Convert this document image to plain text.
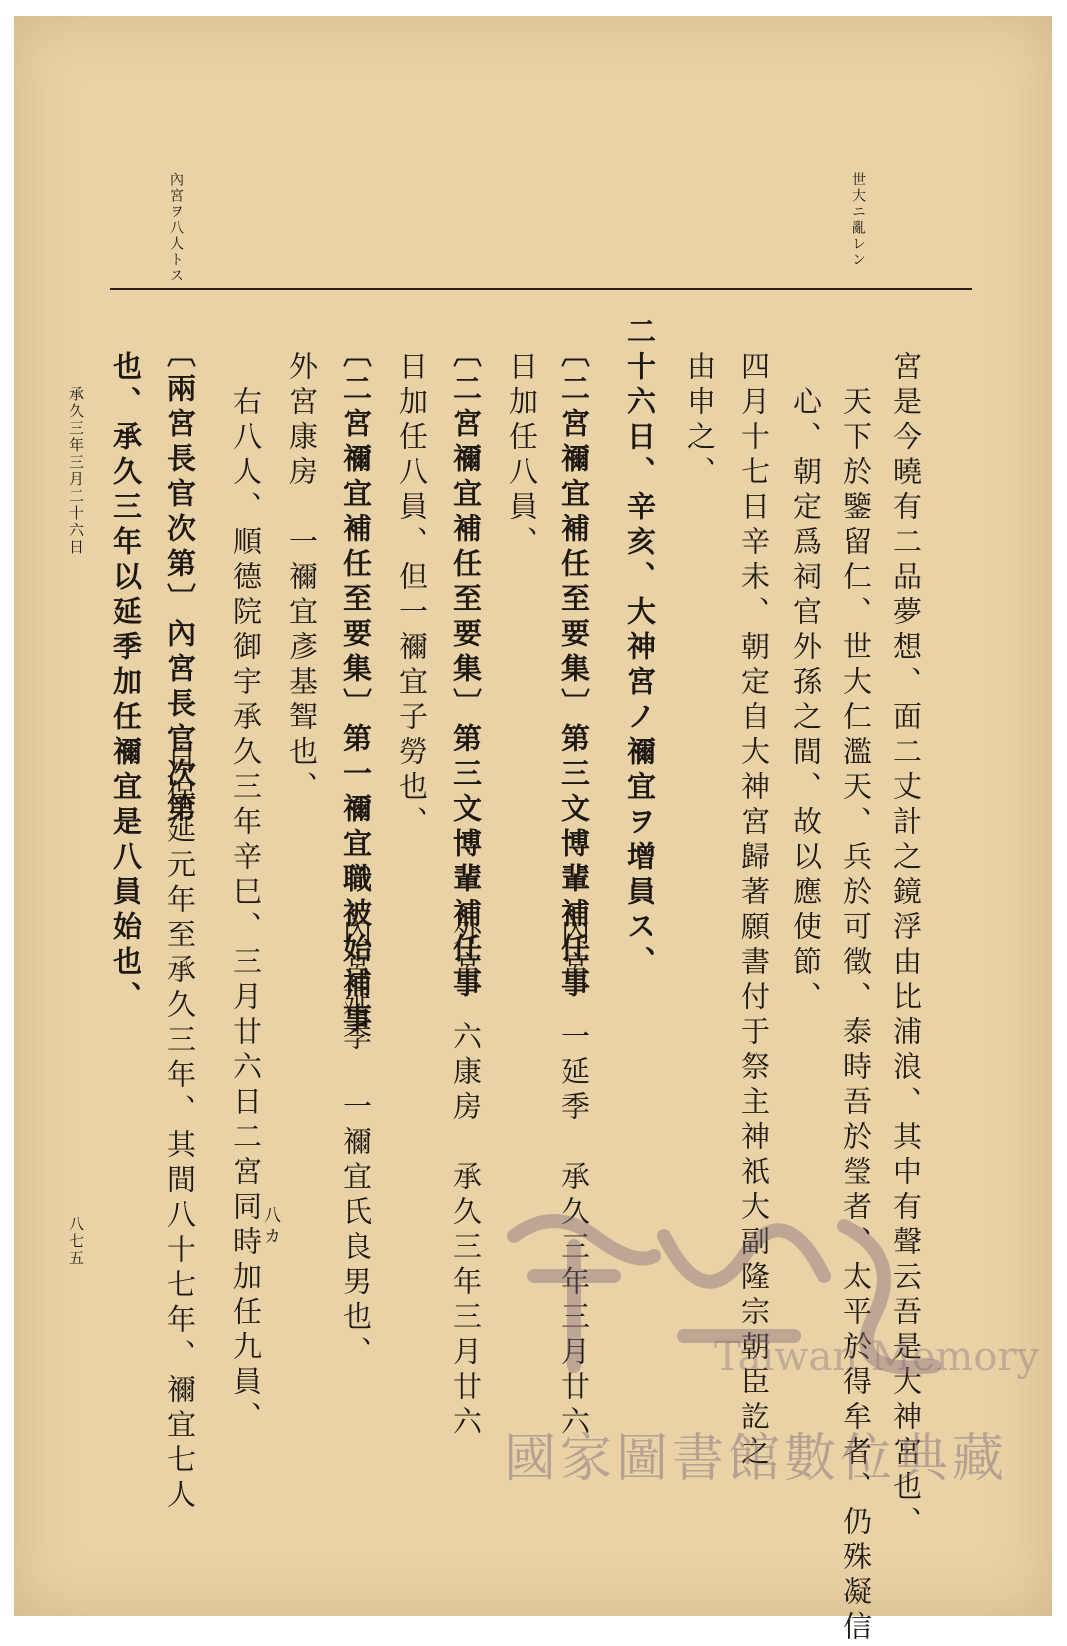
世大ニ亂レン
內宮ヲ八人トス
宮是今曉有二品夢想、面二丈計之鏡浮由比浦浪、其中有聲云吾是大神宮也、
天下於鑒留仁、世大仁濫天、兵於可徵、泰時吾於瑩者、太平於得牟者、仍殊凝信
心、朝定爲祠官外孫之間、故以應使節、
四月十七日辛未、朝定自大神宮歸著願書付于祭主神祇大副隆宗朝臣訖之
由申之、
二十六日、辛亥、大神宮ノ禰宜ヲ增員ス、
〔二宮禰宜補任至要集〕第三文博輩補任事
內宮　一延季　承久三年三月廿六
日加任八員、
〔二宮禰宜補任至要集〕第三文博輩補任事
外宮　六康房　承久三年三月廿六
日加任八員、但一禰宜子勞也、
〔二宮禰宜補任至要集〕第一禰宜職被始補事
內宮延季　一禰宜氏良男也、
外宮康房　一禰宜彥基聟也、
右八人、順德院御宇承久三年辛巳、三月廿六日二宮同時加任九員、
八カ
〔兩宮長官次第〕內宮長官次第
自保延元年至承久三年、其間八十七年、禰宜七人
也、承久三年以延季加任禰宜是八員始也、
承久三年三月二十六日
八七五
Taiwan Memory
國家圖書館數位典藏
